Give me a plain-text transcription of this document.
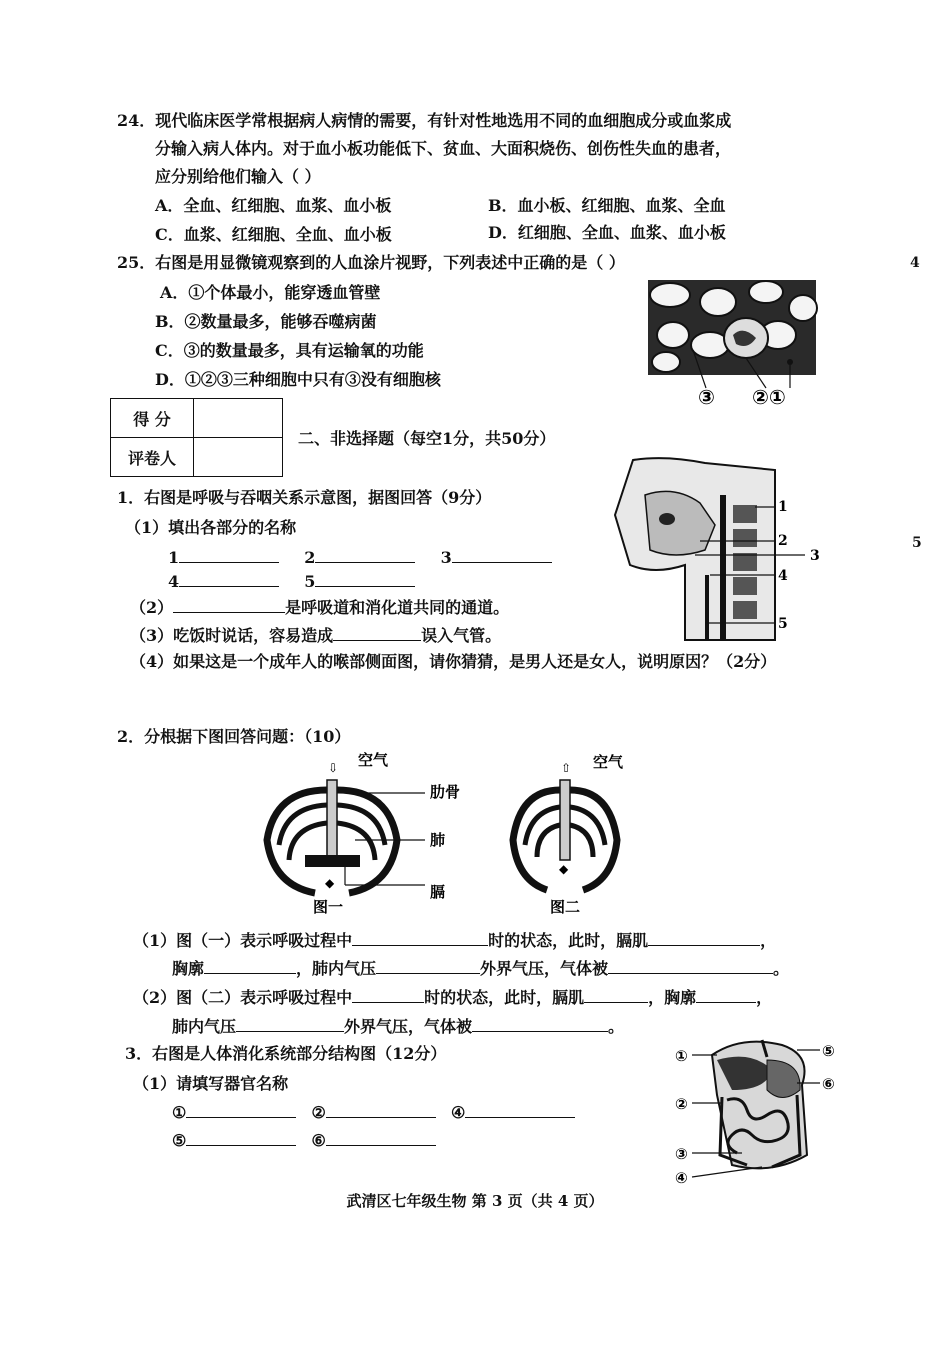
24．现代临床医学常根据病人病情的需要，有针对性地选用不同的血细胞成分或血浆成
分输入病人体内。对于血小板功能低下、贫血、大面积烧伤、创伤性失血的患者，
应分别给他们输入（ ）
A．全血、红细胞、血浆、血小板	B．血小板、红细胞、血浆、全血
C．血浆、红细胞、全血、血小板	D．红细胞、全血、血浆、血小板
25．右图是用显微镜观察到的人血涂片视野，下列表述中正确的是（ ）
A．①个体最小，能穿透血管壁
B．②数量最多，能够吞噬病菌
C．③的数量最多，具有运输氧的功能
D．①②③三种细胞中只有③没有细胞核
③ ②①
得 分	
评卷人	
二、非选择题（每空1分，共50分）
1．右图是呼吸与吞咽关系示意图，据图回答（9分）
（1）填出各部分的名称
1	2	3
4	5
（2）	是呼吸道和消化道共同的通道。
（3）吃饭时说话，容易造成	误入气管。
（4）如果这是一个成年人的喉部侧面图，请你猜猜，是男人还是女人，说明原因？（2分）
1
2
3
4
5
2．分根据下图回答问题：（10）
空气
⇩
◆
肋骨
肺
膈
图一
空气
⇧
◆
图二
（1）图（一）表示呼吸过程中	时的状态，此时，膈肌	，
胸廓	，肺内气压	外界气压，气体被	。
（2）图（二）表示呼吸过程中	时的状态，此时，膈肌	，胸廓	，
肺内气压	外界气压，气体被	。
3．右图是人体消化系统部分结构图（12分）
（1）请填写器官名称
①	②	④
⑤	⑥
①
②
③
④
⑤
⑥
武清区七年级生物 第 3 页（共 4 页）
4
5
